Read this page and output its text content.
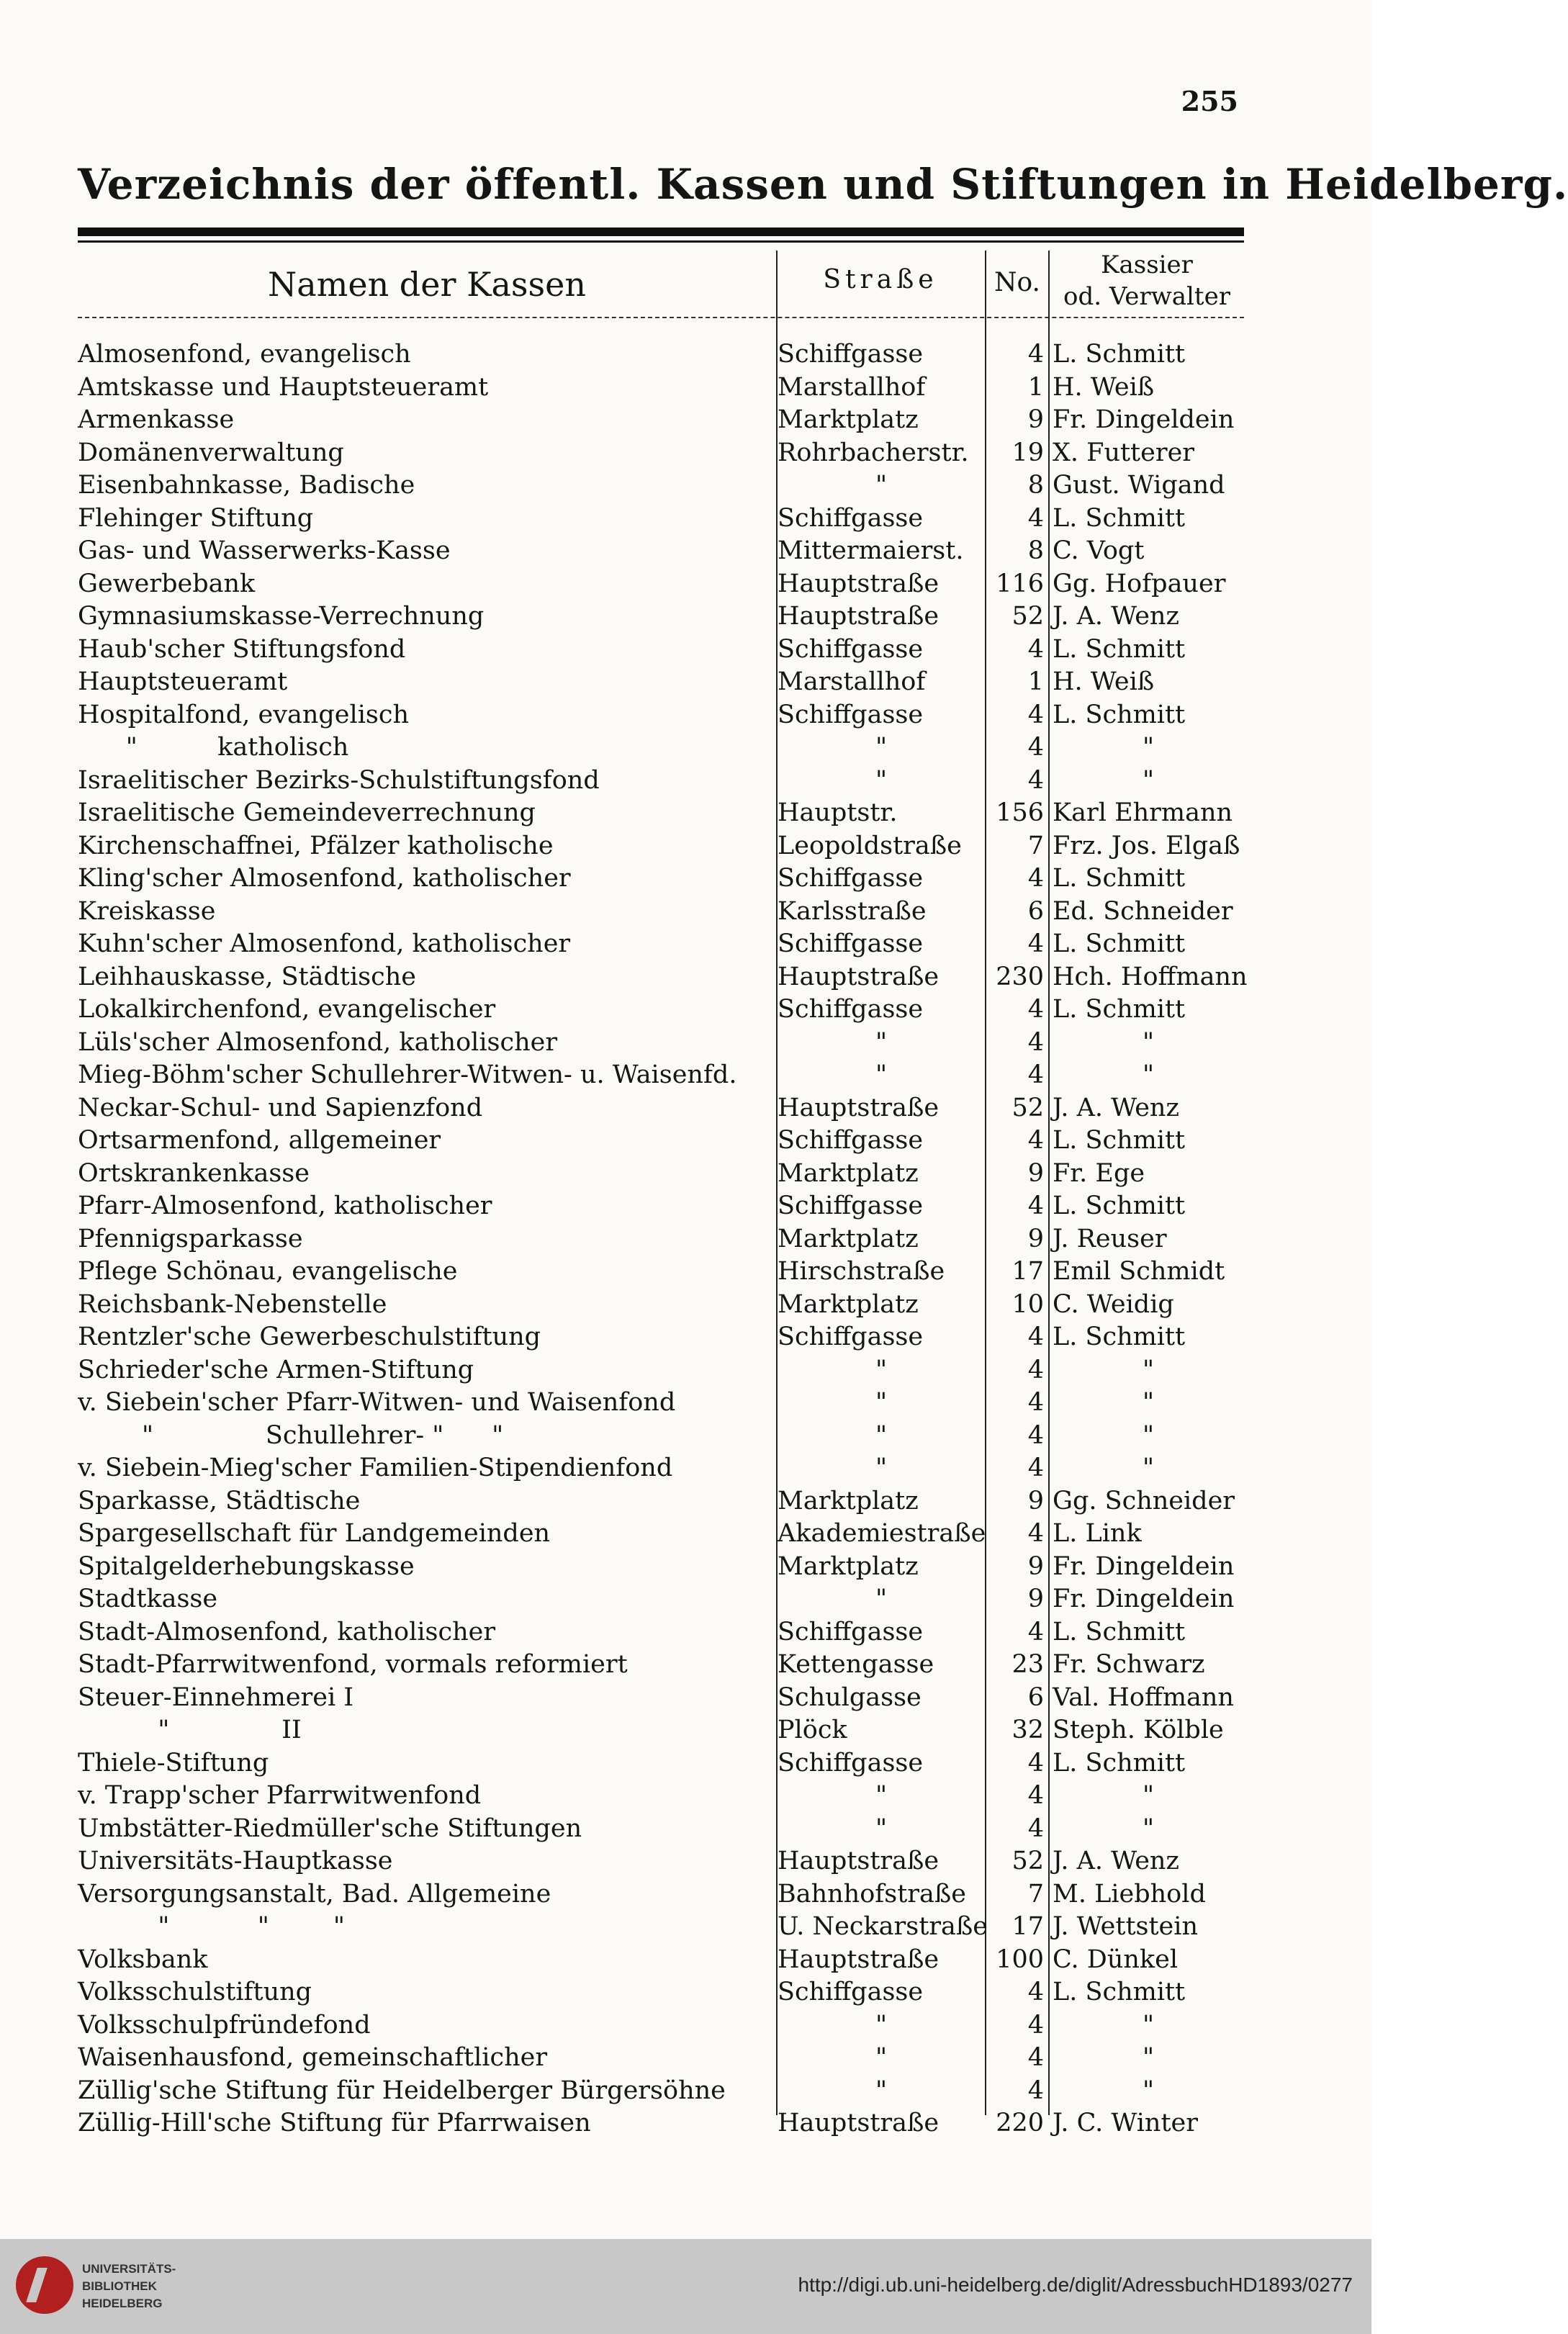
255
Verzeichnis der öffentl. Kassen und Stiftungen in Heidelberg.
Namen der Kassen	Straße	No.
Kassier
od. Verwalter
Almosenfond, evangelisch	Schiffgasse	4 L. Schmitt
Amtskasse und Hauptsteueramt	Marstallhof	1 H. Weiß
Armenkasse	Marktplatz	9 Fr. Dingeldein
Domänenverwaltung	Rohrbacherstr.	19 X. Futterer
Eisenbahnkasse, Badische	"	8 Gust. Wigand
Flehinger Stiftung	Schiffgasse	4 L. Schmitt
Gas- und Wasserwerks-Kasse	Mittermaierst.	8 C. Vogt
Gewerbebank	Hauptstraße	116 Gg. Hofpauer
Gymnasiumskasse-Verrechnung	Hauptstraße	52 J. A. Wenz
Haub'scher Stiftungsfond	Schiffgasse	4 L. Schmitt
Hauptsteueramt	Marstallhof	1 H. Weiß
Hospitalfond, evangelisch	Schiffgasse	4 L. Schmitt
"          katholisch	"	4	"
Israelitischer Bezirks-Schulstiftungsfond	"	4	"
Israelitische Gemeindeverrechnung	Hauptstr.	156 Karl Ehrmann
Kirchenschaffnei, Pfälzer katholische	Leopoldstraße	7 Frz. Jos. Elgaß
Kling'scher Almosenfond, katholischer	Schiffgasse	4 L. Schmitt
Kreiskasse	Karlsstraße	6 Ed. Schneider
Kuhn'scher Almosenfond, katholischer	Schiffgasse	4 L. Schmitt
Leihhauskasse, Städtische	Hauptstraße	230 Hch. Hoffmann
Lokalkirchenfond, evangelischer	Schiffgasse	4 L. Schmitt
Lüls'scher Almosenfond, katholischer	"	4	"
Mieg-Böhm'scher Schullehrer-Witwen- u. Waisenfd.	"	4	"
Neckar-Schul- und Sapienzfond	Hauptstraße	52 J. A. Wenz
Ortsarmenfond, allgemeiner	Schiffgasse	4 L. Schmitt
Ortskrankenkasse	Marktplatz	9 Fr. Ege
Pfarr-Almosenfond, katholischer	Schiffgasse	4 L. Schmitt
Pfennigsparkasse	Marktplatz	9 J. Reuser
Pflege Schönau, evangelische	Hirschstraße	17 Emil Schmidt
Reichsbank-Nebenstelle	Marktplatz	10 C. Weidig
Rentzler'sche Gewerbeschulstiftung	Schiffgasse	4 L. Schmitt
Schrieder'sche Armen-Stiftung	"	4	"
v. Siebein'scher Pfarr-Witwen- und Waisenfond	"	4	"
"              Schullehrer- "      "	"	4	"
v. Siebein-Mieg'scher Familien-Stipendienfond	"	4	"
Sparkasse, Städtische	Marktplatz	9 Gg. Schneider
Spargesellschaft für Landgemeinden	Akademiestraße	4 L. Link
Spitalgelderhebungskasse	Marktplatz	9 Fr. Dingeldein
Stadtkasse	"	9 Fr. Dingeldein
Stadt-Almosenfond, katholischer	Schiffgasse	4 L. Schmitt
Stadt-Pfarrwitwenfond, vormals reformiert	Kettengasse	23 Fr. Schwarz
Steuer-Einnehmerei I	Schulgasse	6 Val. Hoffmann
"              II	Plöck	32 Steph. Kölble
Thiele-Stiftung	Schiffgasse	4 L. Schmitt
v. Trapp'scher Pfarrwitwenfond	"	4	"
Umbstätter-Riedmüller'sche Stiftungen	"	4	"
Universitäts-Hauptkasse	Hauptstraße	52 J. A. Wenz
Versorgungsanstalt, Bad. Allgemeine	Bahnhofstraße	7 M. Liebhold
"           "        "	U. Neckarstraße 17 J. Wettstein
Volksbank	Hauptstraße	100 C. Dünkel
Volksschulstiftung	Schiffgasse	4 L. Schmitt
Volksschulpfründefond	"	4	"
Waisenhausfond, gemeinschaftlicher	"	4	"
Züllig'sche Stiftung für Heidelberger Bürgersöhne	"	4	"
Züllig-Hill'sche Stiftung für Pfarrwaisen	Hauptstraße	220 J. C. Winter
UNIVERSITÄTS-
BIBLIOTHEK
HEIDELBERG
http://digi.ub.uni-heidelberg.de/diglit/AdressbuchHD1893/0277
